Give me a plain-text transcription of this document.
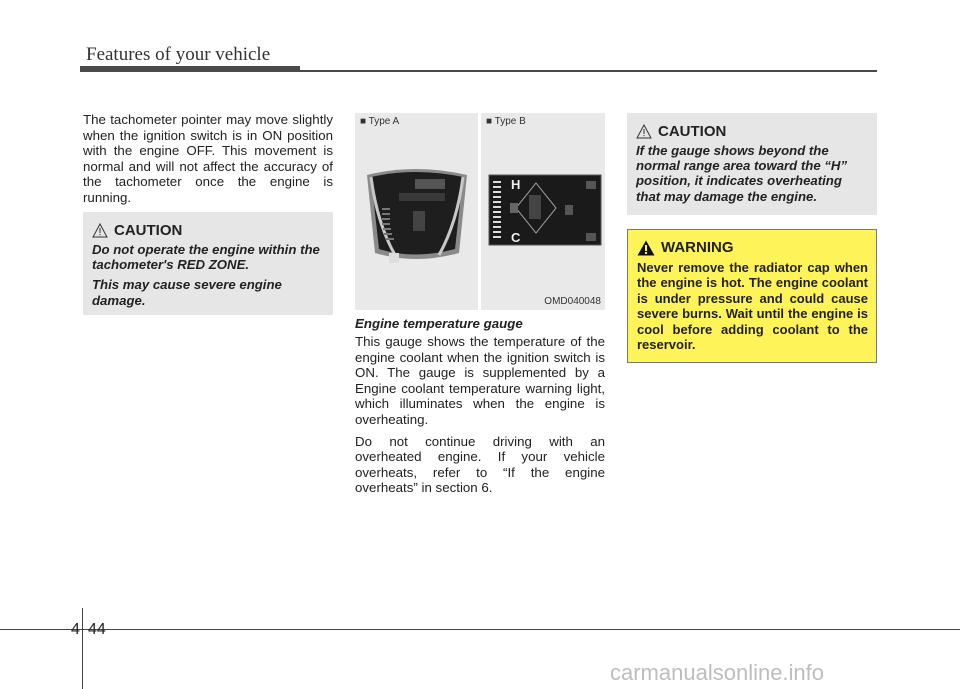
Features of your vehicle

The tachometer pointer may move slightly when the ignition switch is in ON position with the engine OFF. This movement is normal and will not affect the accuracy of the tachometer once the engine is running.

CAUTION

Do not operate the engine within the tachometer's RED ZONE.

This may cause severe engine damage.

■ Type A	■ Type B
H
C
OMD040048

Engine temperature gauge

This gauge shows the temperature of the engine coolant when the ignition switch is ON. The gauge is supplemented by a Engine coolant temperature warning light, which illuminates when the engine is overheating.

Do not continue driving with an overheated engine. If your vehicle overheats, refer to “If the engine overheats” in section 6.

CAUTION

If the gauge shows beyond the normal range area toward the “H” position, it indicates overheating that may damage the engine.

WARNING

Never remove the radiator cap when the engine is hot. The engine coolant is under pressure and could cause severe burns. Wait until the engine is cool before adding coolant to the reservoir.

4 44
carmanualsonline.info
